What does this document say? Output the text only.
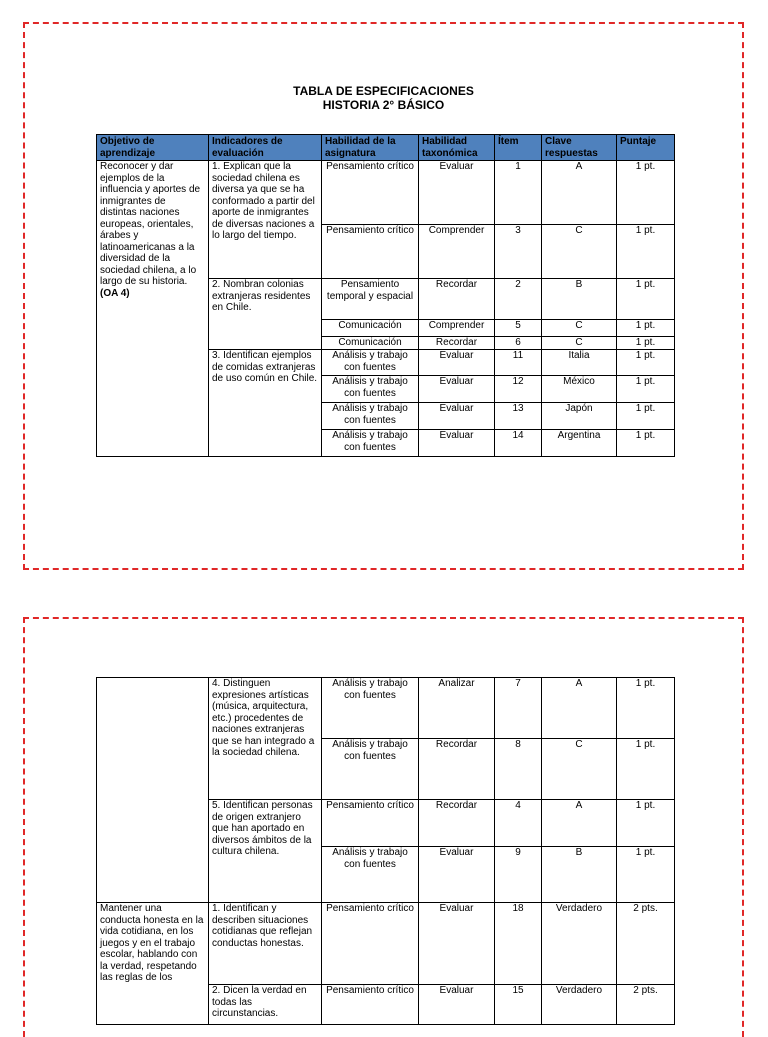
TABLA DE ESPECIFICACIONES
HISTORIA 2° BÁSICO
Objetivo de aprendizaje	Indicadores de evaluación	Habilidad de la asignatura	Habilidad taxonómica	Ítem	Clave respuestas	Puntaje
Reconocer y dar ejemplos de la influencia y aportes de inmigrantes de distintas naciones europeas, orientales, árabes y latinoamericanas a la diversidad de la sociedad chilena, a lo largo de su historia. (OA 4)	1. Explican que la sociedad chilena es diversa ya que se ha conformado a partir del aporte de inmigrantes de diversas naciones a lo largo del tiempo.	Pensamiento crítico	Evaluar	1	A	1 pt.
		Pensamiento crítico	Comprender	3	C	1 pt.
	2. Nombran colonias extranjeras residentes en Chile.	Pensamiento temporal y espacial	Recordar	2	B	1 pt.
		Comunicación	Comprender	5	C	1 pt.
		Comunicación	Recordar	6	C	1 pt.
	3. Identifican ejemplos de comidas extranjeras de uso común en Chile.	Análisis y trabajo con fuentes	Evaluar	11	Italia	1 pt.
		Análisis y trabajo con fuentes	Evaluar	12	México	1 pt.
		Análisis y trabajo con fuentes	Evaluar	13	Japón	1 pt.
		Análisis y trabajo con fuentes	Evaluar	14	Argentina	1 pt.
	4. Distinguen expresiones artísticas (música, arquitectura, etc.) procedentes de naciones extranjeras que se han integrado a la sociedad chilena.	Análisis y trabajo con fuentes	Analizar	7	A	1 pt.
		Análisis y trabajo con fuentes	Recordar	8	C	1 pt.
	5. Identifican personas de origen extranjero que han aportado en diversos ámbitos de la cultura chilena.	Pensamiento crítico	Recordar	4	A	1 pt.
		Análisis y trabajo con fuentes	Evaluar	9	B	1 pt.
Mantener una conducta honesta en la vida cotidiana, en los juegos y en el trabajo escolar, hablando con la verdad, respetando las reglas de los	1. Identifican y describen situaciones cotidianas que reflejan conductas honestas.	Pensamiento crítico	Evaluar	18	Verdadero	2 pts.
	2. Dicen la verdad en todas las circunstancias.	Pensamiento crítico	Evaluar	15	Verdadero	2 pts.
